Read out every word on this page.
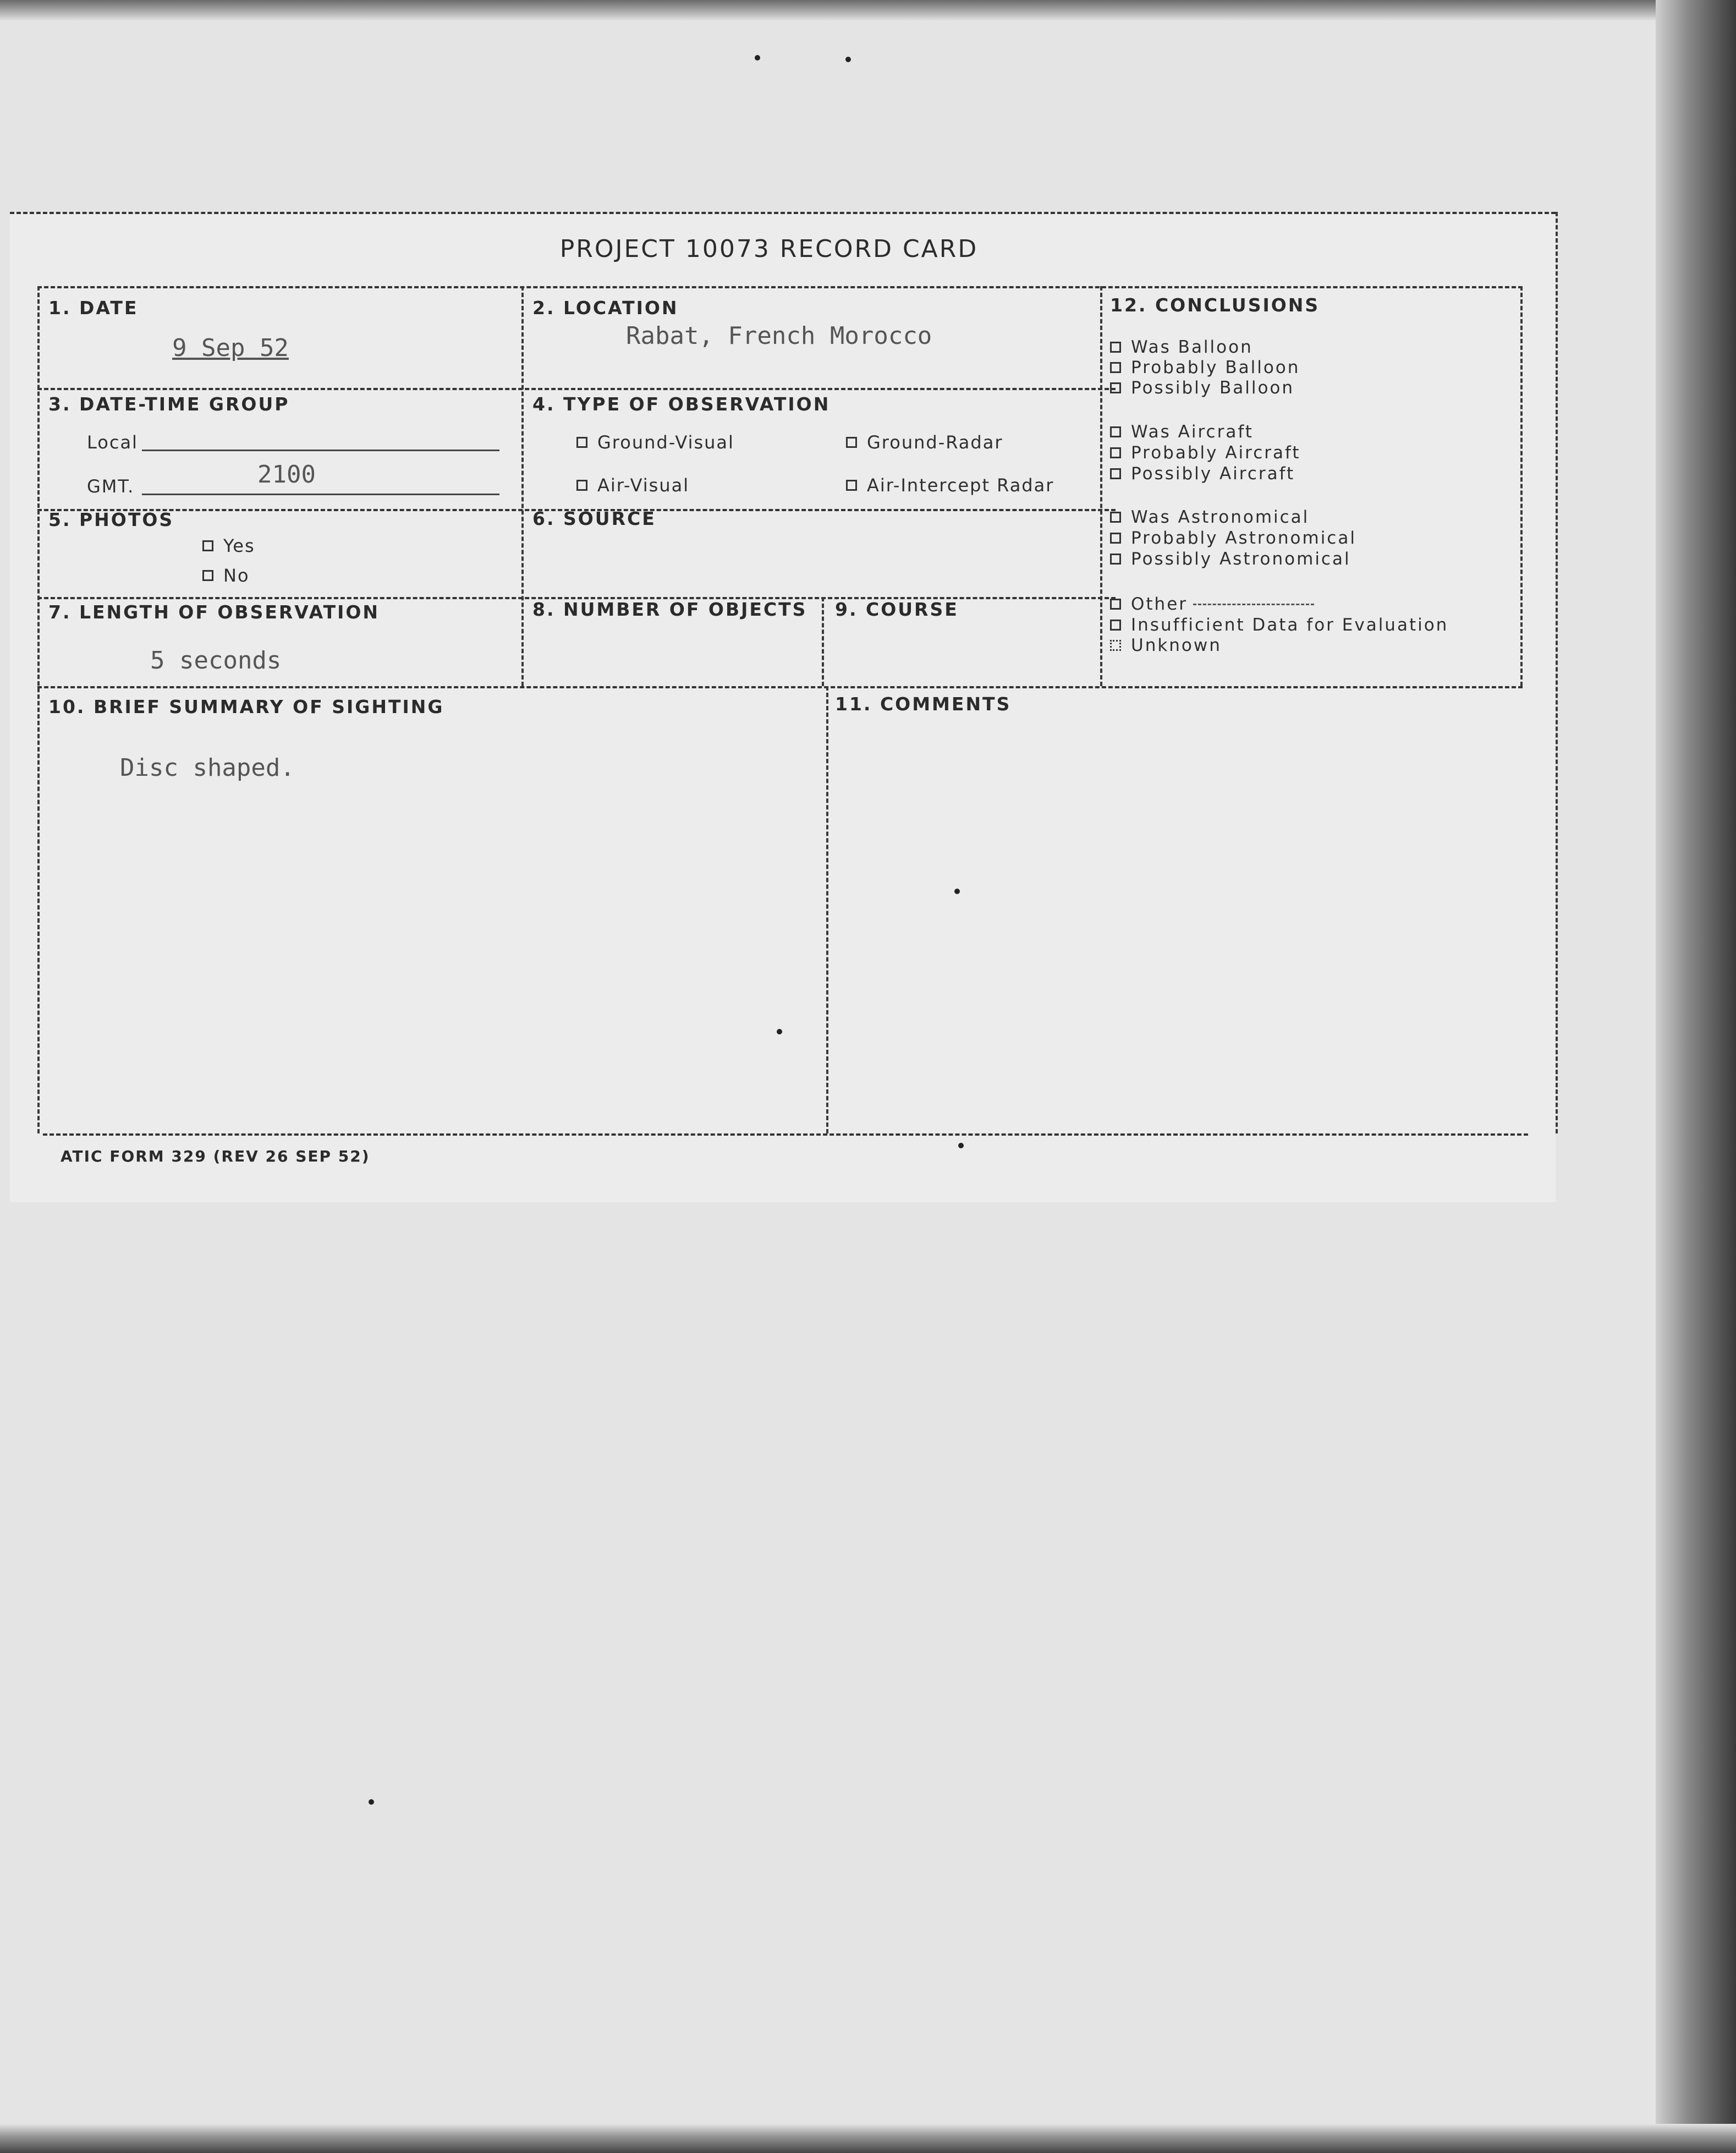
PROJECT 10073 RECORD CARD
1. DATE
9 Sep 52
2. LOCATION
Rabat, French Morocco
3. DATE-TIME GROUP
Local
GMT.	2100
4. TYPE OF OBSERVATION
Ground-Visual	Ground-Radar
Air-Visual	Air-Intercept Radar
5. PHOTOS
Yes
No
6. SOURCE
7. LENGTH OF OBSERVATION
5 seconds
8. NUMBER OF OBJECTS 9. COURSE
10. BRIEF SUMMARY OF SIGHTING
Disc shaped.
11. COMMENTS
12. CONCLUSIONS
Was Balloon
Probably Balloon
Possibly Balloon
Was Aircraft
Probably Aircraft
Possibly Aircraft
Was Astronomical
Probably Astronomical
Possibly Astronomical
Other
Insufficient Data for Evaluation
Unknown
ATIC FORM 329 (REV 26 SEP 52)
